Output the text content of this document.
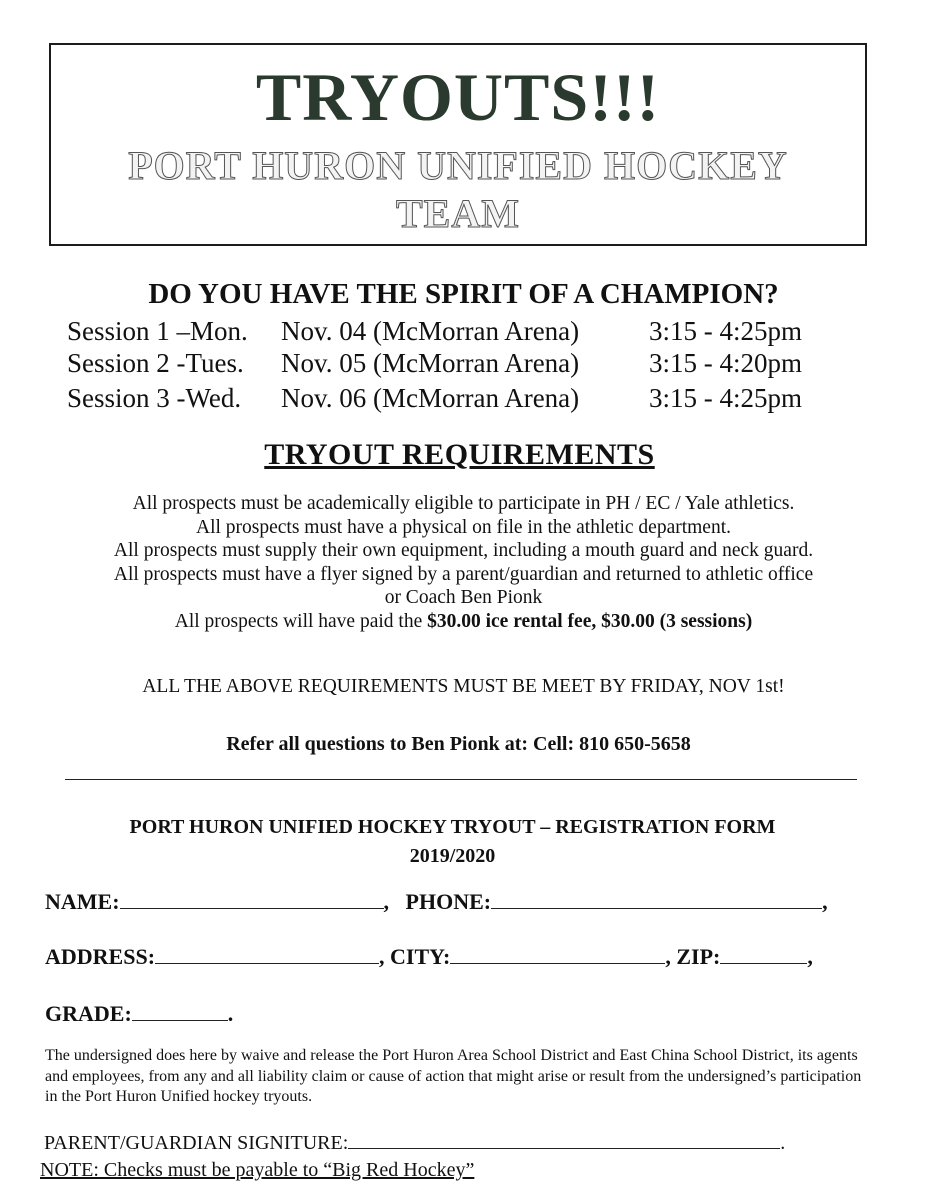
TRYOUTS!!!
PORT HURON UNIFIED HOCKEY
TEAM
DO YOU HAVE THE SPIRIT OF A CHAMPION?
Session 1 –Mon. Nov. 04 (McMorran Arena)	3:15 - 4:25pm
Session 2 -Tues. Nov. 05 (McMorran Arena)	3:15 - 4:20pm
Session 3 -Wed. Nov. 06 (McMorran Arena)	3:15 - 4:25pm
TRYOUT REQUIREMENTS
All prospects must be academically eligible to participate in PH / EC / Yale athletics.
All prospects must have a physical on file in the athletic department.
All prospects must supply their own equipment, including a mouth guard and neck guard.
All prospects must have a flyer signed by a parent/guardian and returned to athletic office
or Coach Ben Pionk
All prospects will have paid the $30.00 ice rental fee, $30.00 (3 sessions)
ALL THE ABOVE REQUIREMENTS MUST BE MEET BY FRIDAY, NOV 1st!
Refer all questions to Ben Pionk at: Cell: 810 650-5658
PORT HURON UNIFIED HOCKEY TRYOUT – REGISTRATION FORM
2019/2020
NAME:	, PHONE:	,
ADDRESS:	, CITY:	, ZIP:	,
GRADE:	.
The undersigned does here by waive and release the Port Huron Area School District and East China School District, its agents and employees, from any and all liability claim or cause of action that might arise or result from the undersigned’s participation in the Port Huron Unified hockey tryouts.
PARENT/GUARDIAN SIGNITURE:	.
NOTE: Checks must be payable to “Big Red Hockey”
